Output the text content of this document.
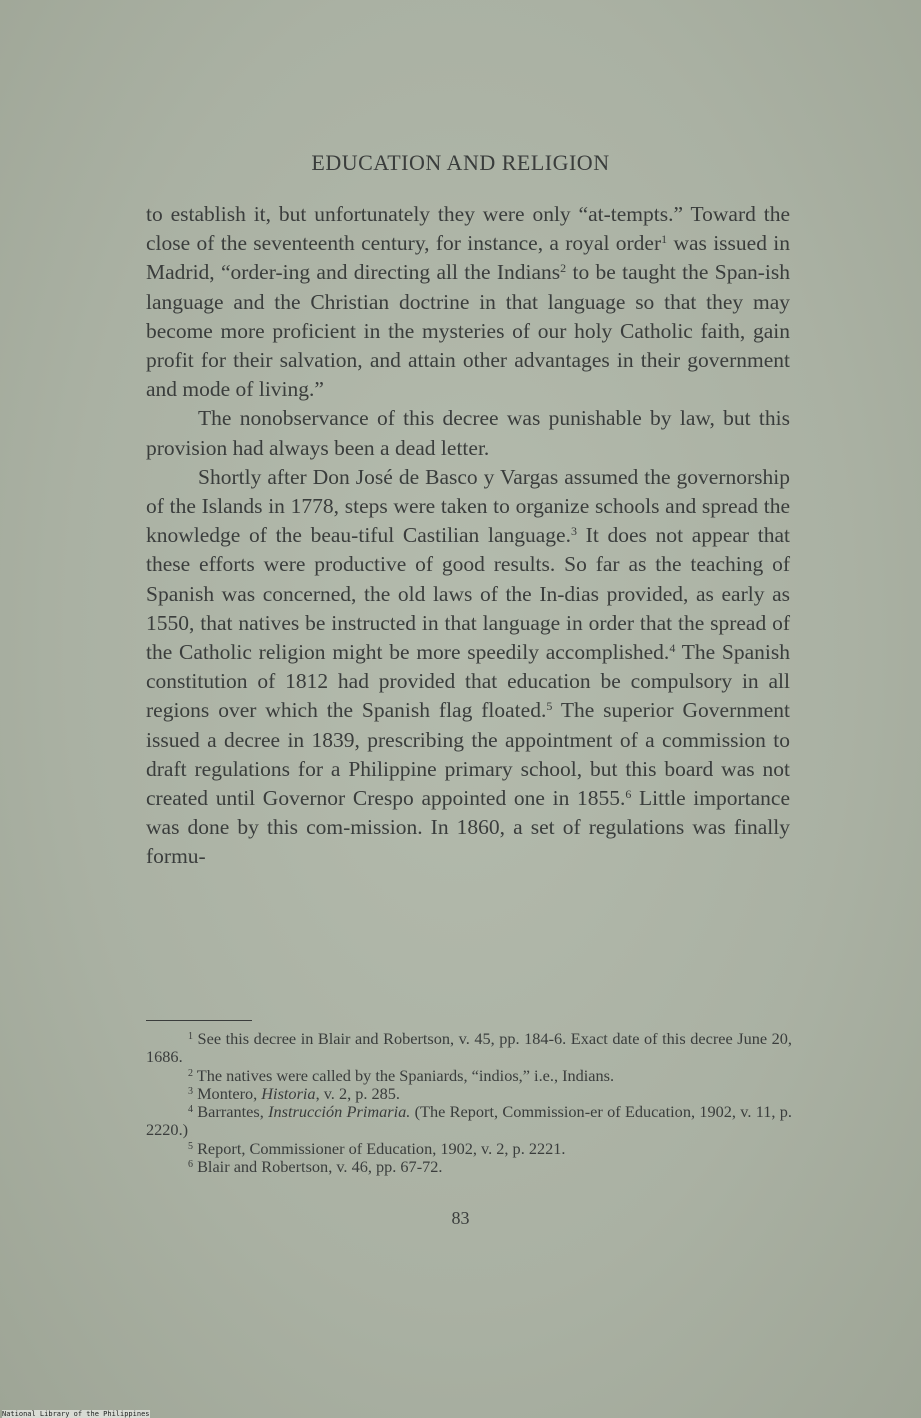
EDUCATION AND RELIGION

to establish it, but unfortunately they were only “at-tempts.” Toward the close of the seventeenth century, for instance, a royal order$^1$ was issued in Madrid, “order-ing and directing all the Indians$^2$ to be taught the Span-ish language and the Christian doctrine in that language so that they may become more proficient in the mysteries of our holy Catholic faith, gain profit for their salvation, and attain other advantages in their government and mode of living.”

The nonobservance of this decree was punishable by law, but this provision had always been a dead letter.

Shortly after Don José de Basco y Vargas assumed the governorship of the Islands in 1778, steps were taken to organize schools and spread the knowledge of the beau-tiful Castilian language.$^3$ It does not appear that these efforts were productive of good results. So far as the teaching of Spanish was concerned, the old laws of the In-dias provided, as early as 1550, that natives be instructed in that language in order that the spread of the Catholic religion might be more speedily accomplished.$^4$ The Spanish constitution of 1812 had provided that education be compulsory in all regions over which the Spanish flag floated.$^5$ The superior Government issued a decree in 1839, prescribing the appointment of a commission to draft regulations for a Philippine primary school, but this board was not created until Governor Crespo appointed one in 1855.$^6$ Little importance was done by this com-mission. In 1860, a set of regulations was finally formu-

$^1$ See this decree in Blair and Robertson, v. 45, pp. 184-6. Exact date of this decree June 20, 1686.

$^2$ The natives were called by the Spaniards, “indios,” i.e., Indians.

$^3$ Montero, Historia, v. 2, p. 285.

$^4$ Barrantes, Instrucción Primaria. (The Report, Commission-er of Education, 1902, v. 11, p. 2220.)

$^5$ Report, Commissioner of Education, 1902, v. 2, p. 2221.

$^6$ Blair and Robertson, v. 46, pp. 67-72.

83
National Library of the Philippines
